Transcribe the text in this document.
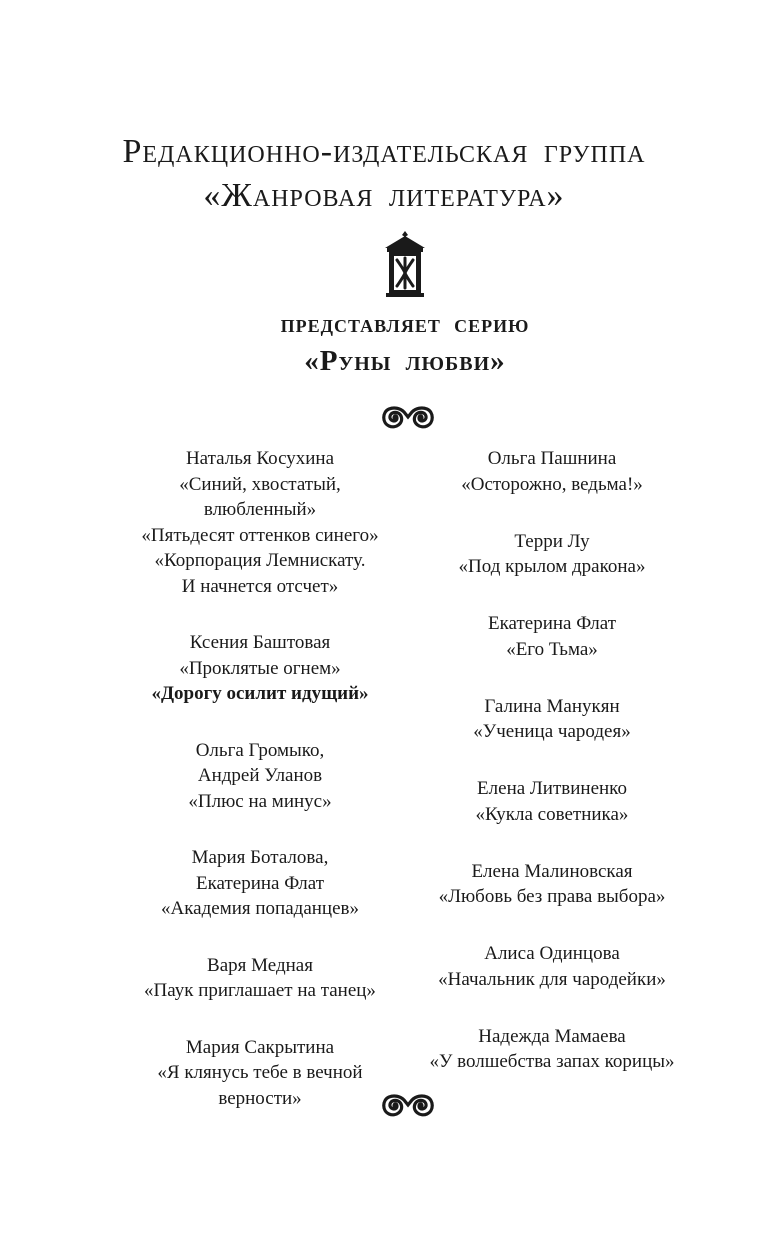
Редакционно-издательская группа
«Жанровая литература»
представляет серию
«Руны любви»
Наталья Косухина
«Синий, хвостатый,
влюбленный»
«Пятьдесят оттенков синего»
«Корпорация Лемнискату.
И начнется отсчет»
Ксения Баштовая
«Проклятые огнем»
«Дорогу осилит идущий»
Ольга Громыко,
Андрей Уланов
«Плюс на минус»
Мария Боталова,
Екатерина Флат
«Академия попаданцев»
Варя Медная
«Паук приглашает на танец»
Мария Сакрытина
«Я клянусь тебе в вечной
верности»
Ольга Пашнина
«Осторожно, ведьма!»
Терри Лу
«Под крылом дракона»
Екатерина Флат
«Его Тьма»
Галина Манукян
«Ученица чародея»
Елена Литвиненко
«Кукла советника»
Елена Малиновская
«Любовь без права выбора»
Алиса Одинцова
«Начальник для чародейки»
Надежда Мамаева
«У волшебства запах корицы»
